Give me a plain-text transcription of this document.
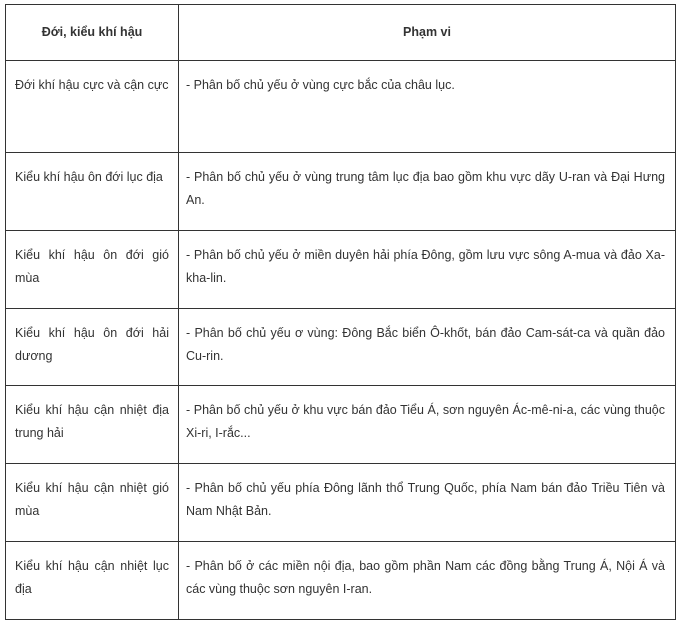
Đới, kiểu khí hậu	Phạm vi

Đới khí hậu cực và cận cực	- Phân bố chủ yếu ở vùng cực bắc của châu lục.

Kiểu khí hậu ôn đới lục địa	- Phân bố chủ yếu ở vùng trung tâm lục địa bao gồm khu vực dãy U-ran và Đại Hưng An.

Kiểu khí hậu ôn đới gió mùa	- Phân bố chủ yếu ở miền duyên hải phía Đông, gồm lưu vực sông A-mua và đảo Xa-kha-lin.

Kiểu khí hậu ôn đới hải dương	- Phân bố chủ yếu ơ vùng: Đông Bắc biển Ô-khốt, bán đảo Cam-sát-ca và quần đảo Cu-rin.

Kiểu khí hậu cận nhiệt địa trung hải	- Phân bố chủ yếu ở khu vực bán đảo Tiểu Á, sơn nguyên Ác-mê-ni-a, các vùng thuộc Xi-ri, I-rắc...

Kiểu khí hậu cận nhiệt gió mùa	- Phân bố chủ yếu phía Đông lãnh thổ Trung Quốc, phía Nam bán đảo Triều Tiên và Nam Nhật Bản.

Kiểu khí hậu cận nhiệt lục địa	- Phân bố ở các miền nội địa, bao gồm phần Nam các đồng bằng Trung Á, Nội Á và các vùng thuộc sơn nguyên I-ran.
